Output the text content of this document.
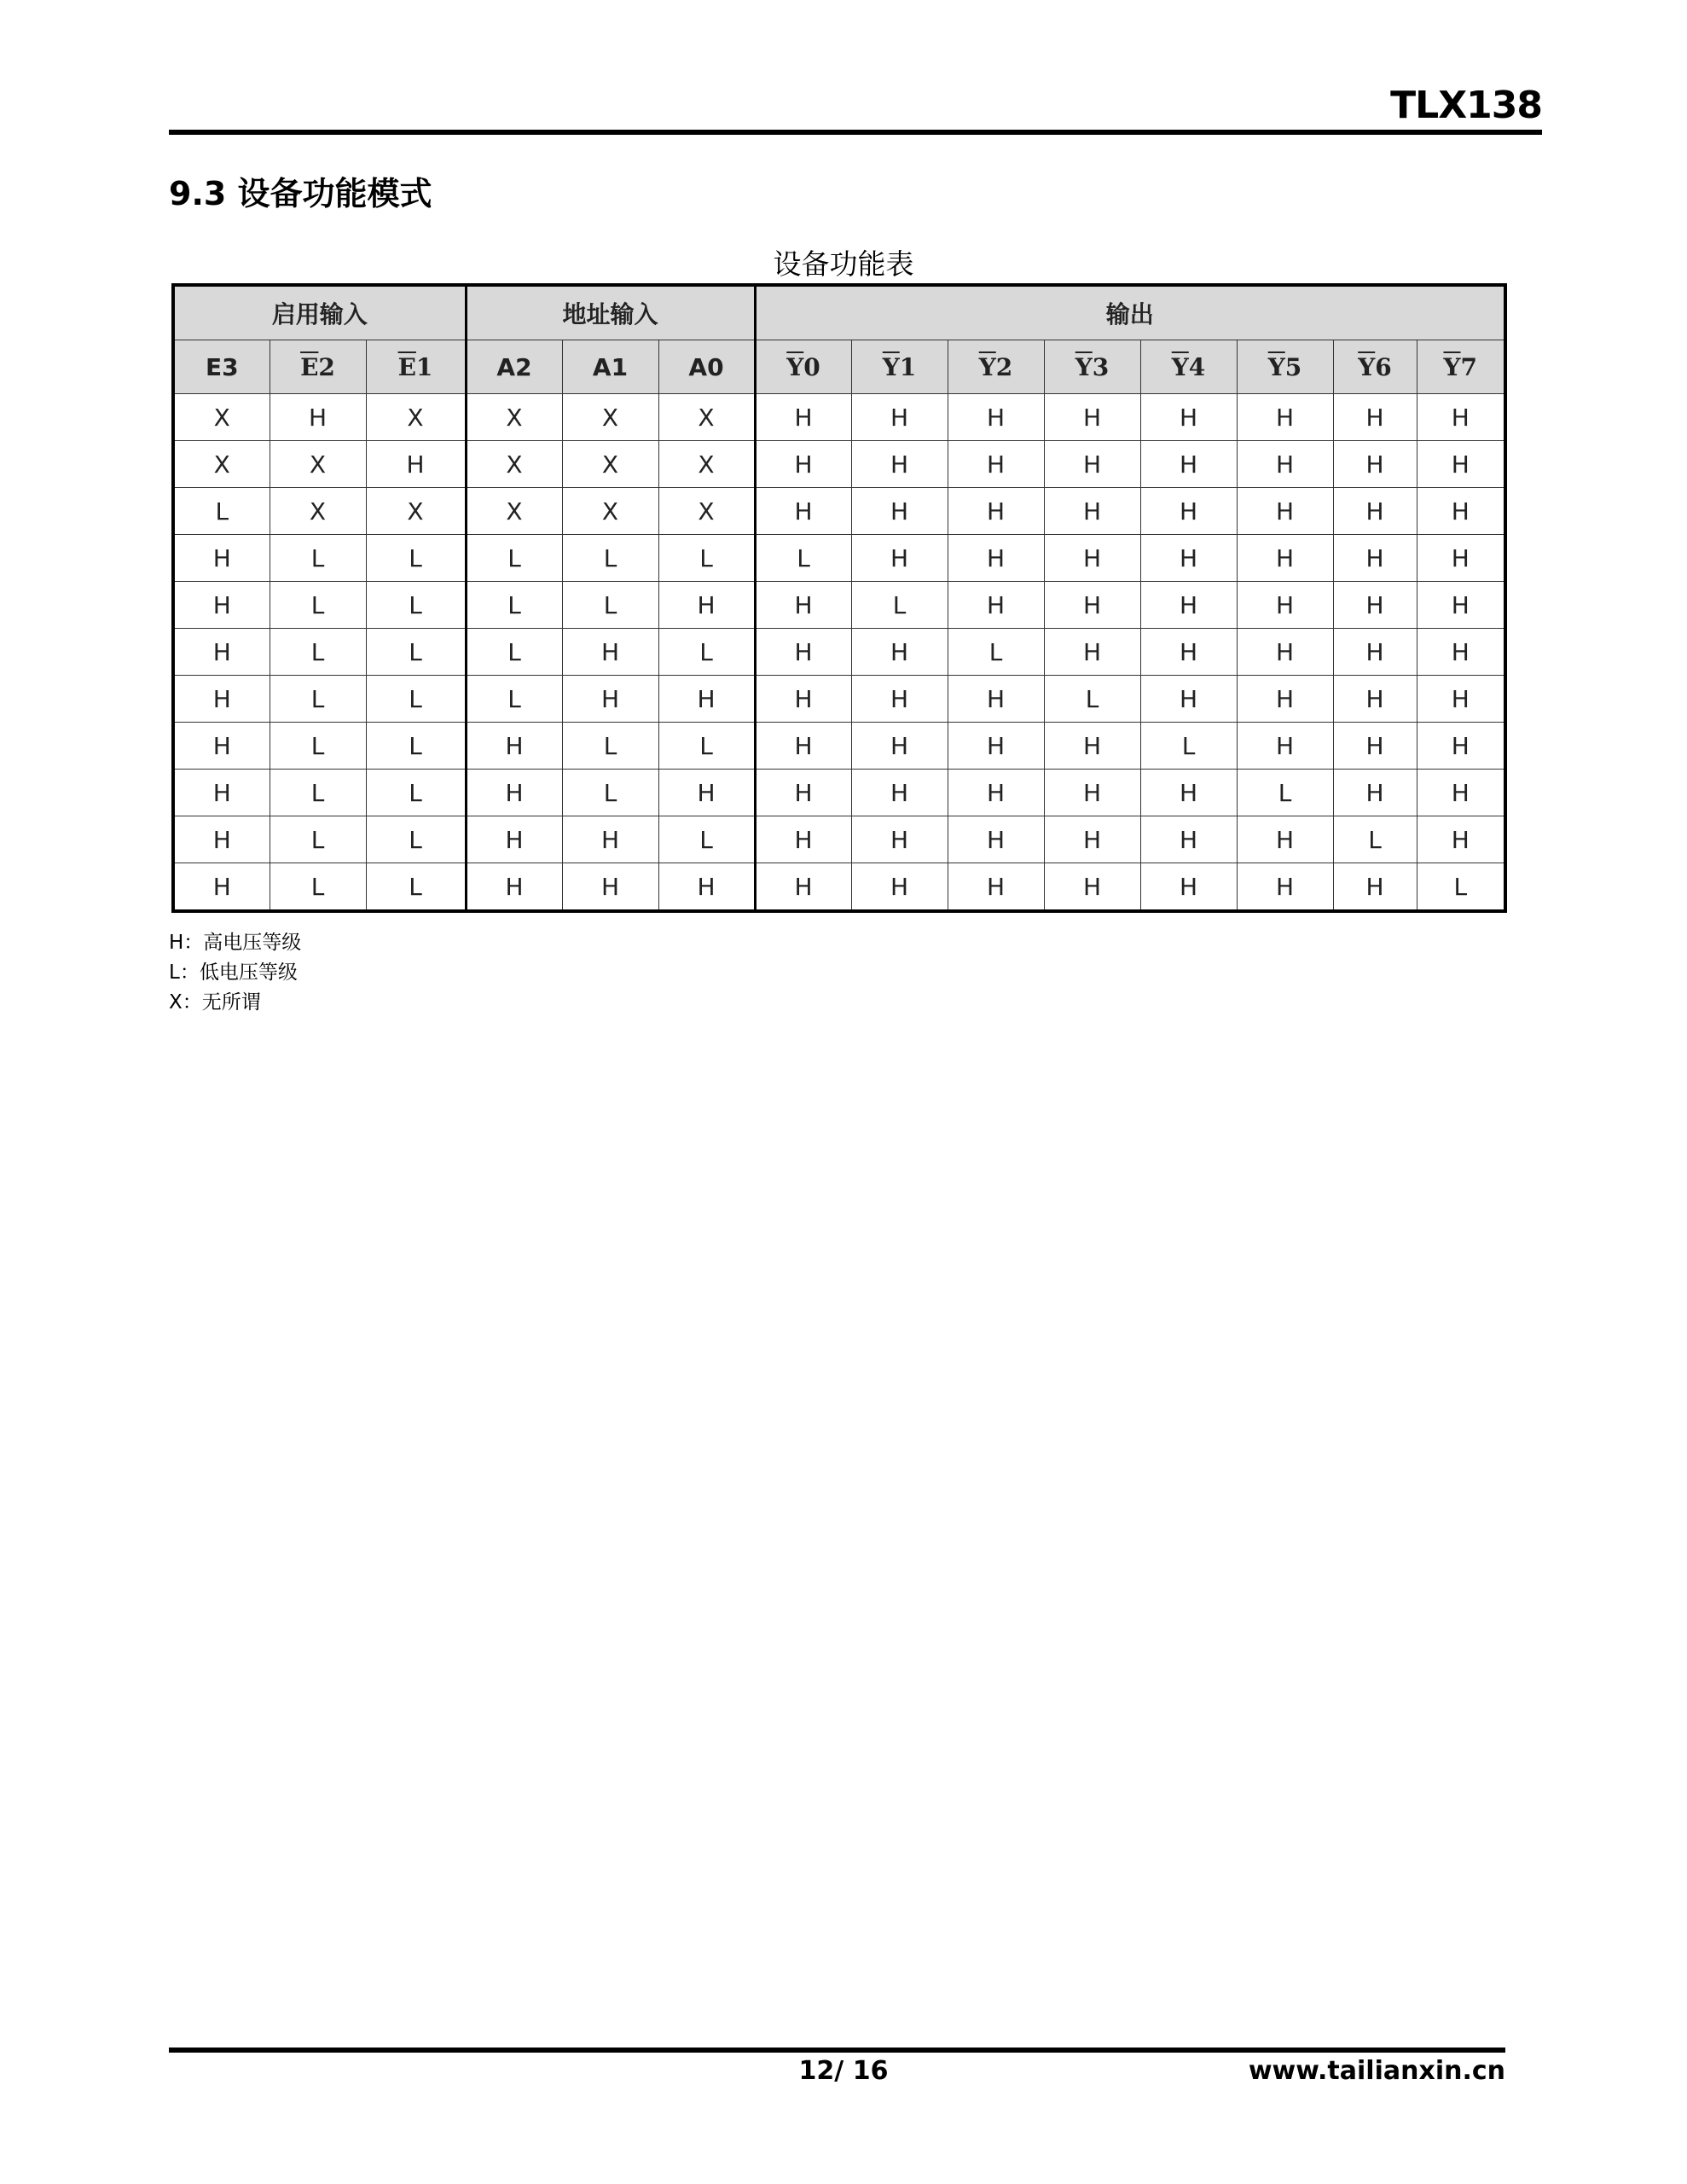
TLX138
9.3 设备功能模式
设备功能表
启用输入			地址输入			输出							
E3	$\overline{E}2$	$\overline{E}1$	A2	A1	A0	$\overline{Y}0$	$\overline{Y}1$	$\overline{Y}2$	$\overline{Y}3$	$\overline{Y}4$	$\overline{Y}5$	$\overline{Y}6$	$\overline{Y}7$
X	H	X	X	X	X	H	H	H	H	H	H	H	H
X	X	H	X	X	X	H	H	H	H	H	H	H	H
L	X	X	X	X	X	H	H	H	H	H	H	H	H
H	L	L	L	L	L	L	H	H	H	H	H	H	H
H	L	L	L	L	H	H	L	H	H	H	H	H	H
H	L	L	L	H	L	H	H	L	H	H	H	H	H
H	L	L	L	H	H	H	H	H	L	H	H	H	H
H	L	L	H	L	L	H	H	H	H	L	H	H	H
H	L	L	H	L	H	H	H	H	H	H	L	H	H
H	L	L	H	H	L	H	H	H	H	H	H	L	H
H	L	L	H	H	H	H	H	H	H	H	H	H	L
H：高电压等级
L：低电压等级
X：无所谓
12/ 16	www.tailianxin.cn
